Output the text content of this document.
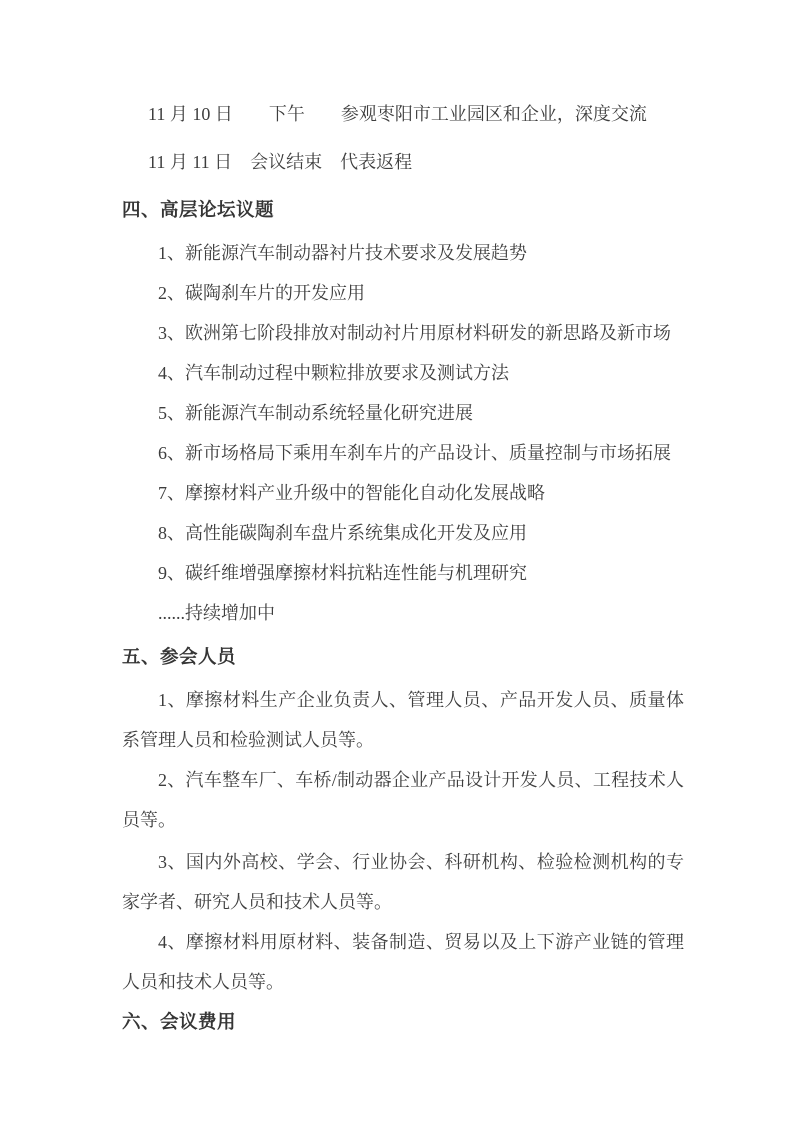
11 月 10 日　　下午　　参观枣阳市工业园区和企业，深度交流
11 月 11 日　会议结束　代表返程
四、高层论坛议题
1、新能源汽车制动器衬片技术要求及发展趋势
2、碳陶刹车片的开发应用
3、欧洲第七阶段排放对制动衬片用原材料研发的新思路及新市场
4、汽车制动过程中颗粒排放要求及测试方法
5、新能源汽车制动系统轻量化研究进展
6、新市场格局下乘用车刹车片的产品设计、质量控制与市场拓展
7、摩擦材料产业升级中的智能化自动化发展战略
8、高性能碳陶刹车盘片系统集成化开发及应用
9、碳纤维增强摩擦材料抗粘连性能与机理研究
......持续增加中
五、参会人员

1、摩擦材料生产企业负责人、管理人员、产品开发人员、质量体系管理人员和检验测试人员等。

2、汽车整车厂、车桥/制动器企业产品设计开发人员、工程技术人员等。

3、国内外高校、学会、行业协会、科研机构、检验检测机构的专家学者、研究人员和技术人员等。

4、摩擦材料用原材料、装备制造、贸易以及上下游产业链的管理人员和技术人员等。

六、会议费用
